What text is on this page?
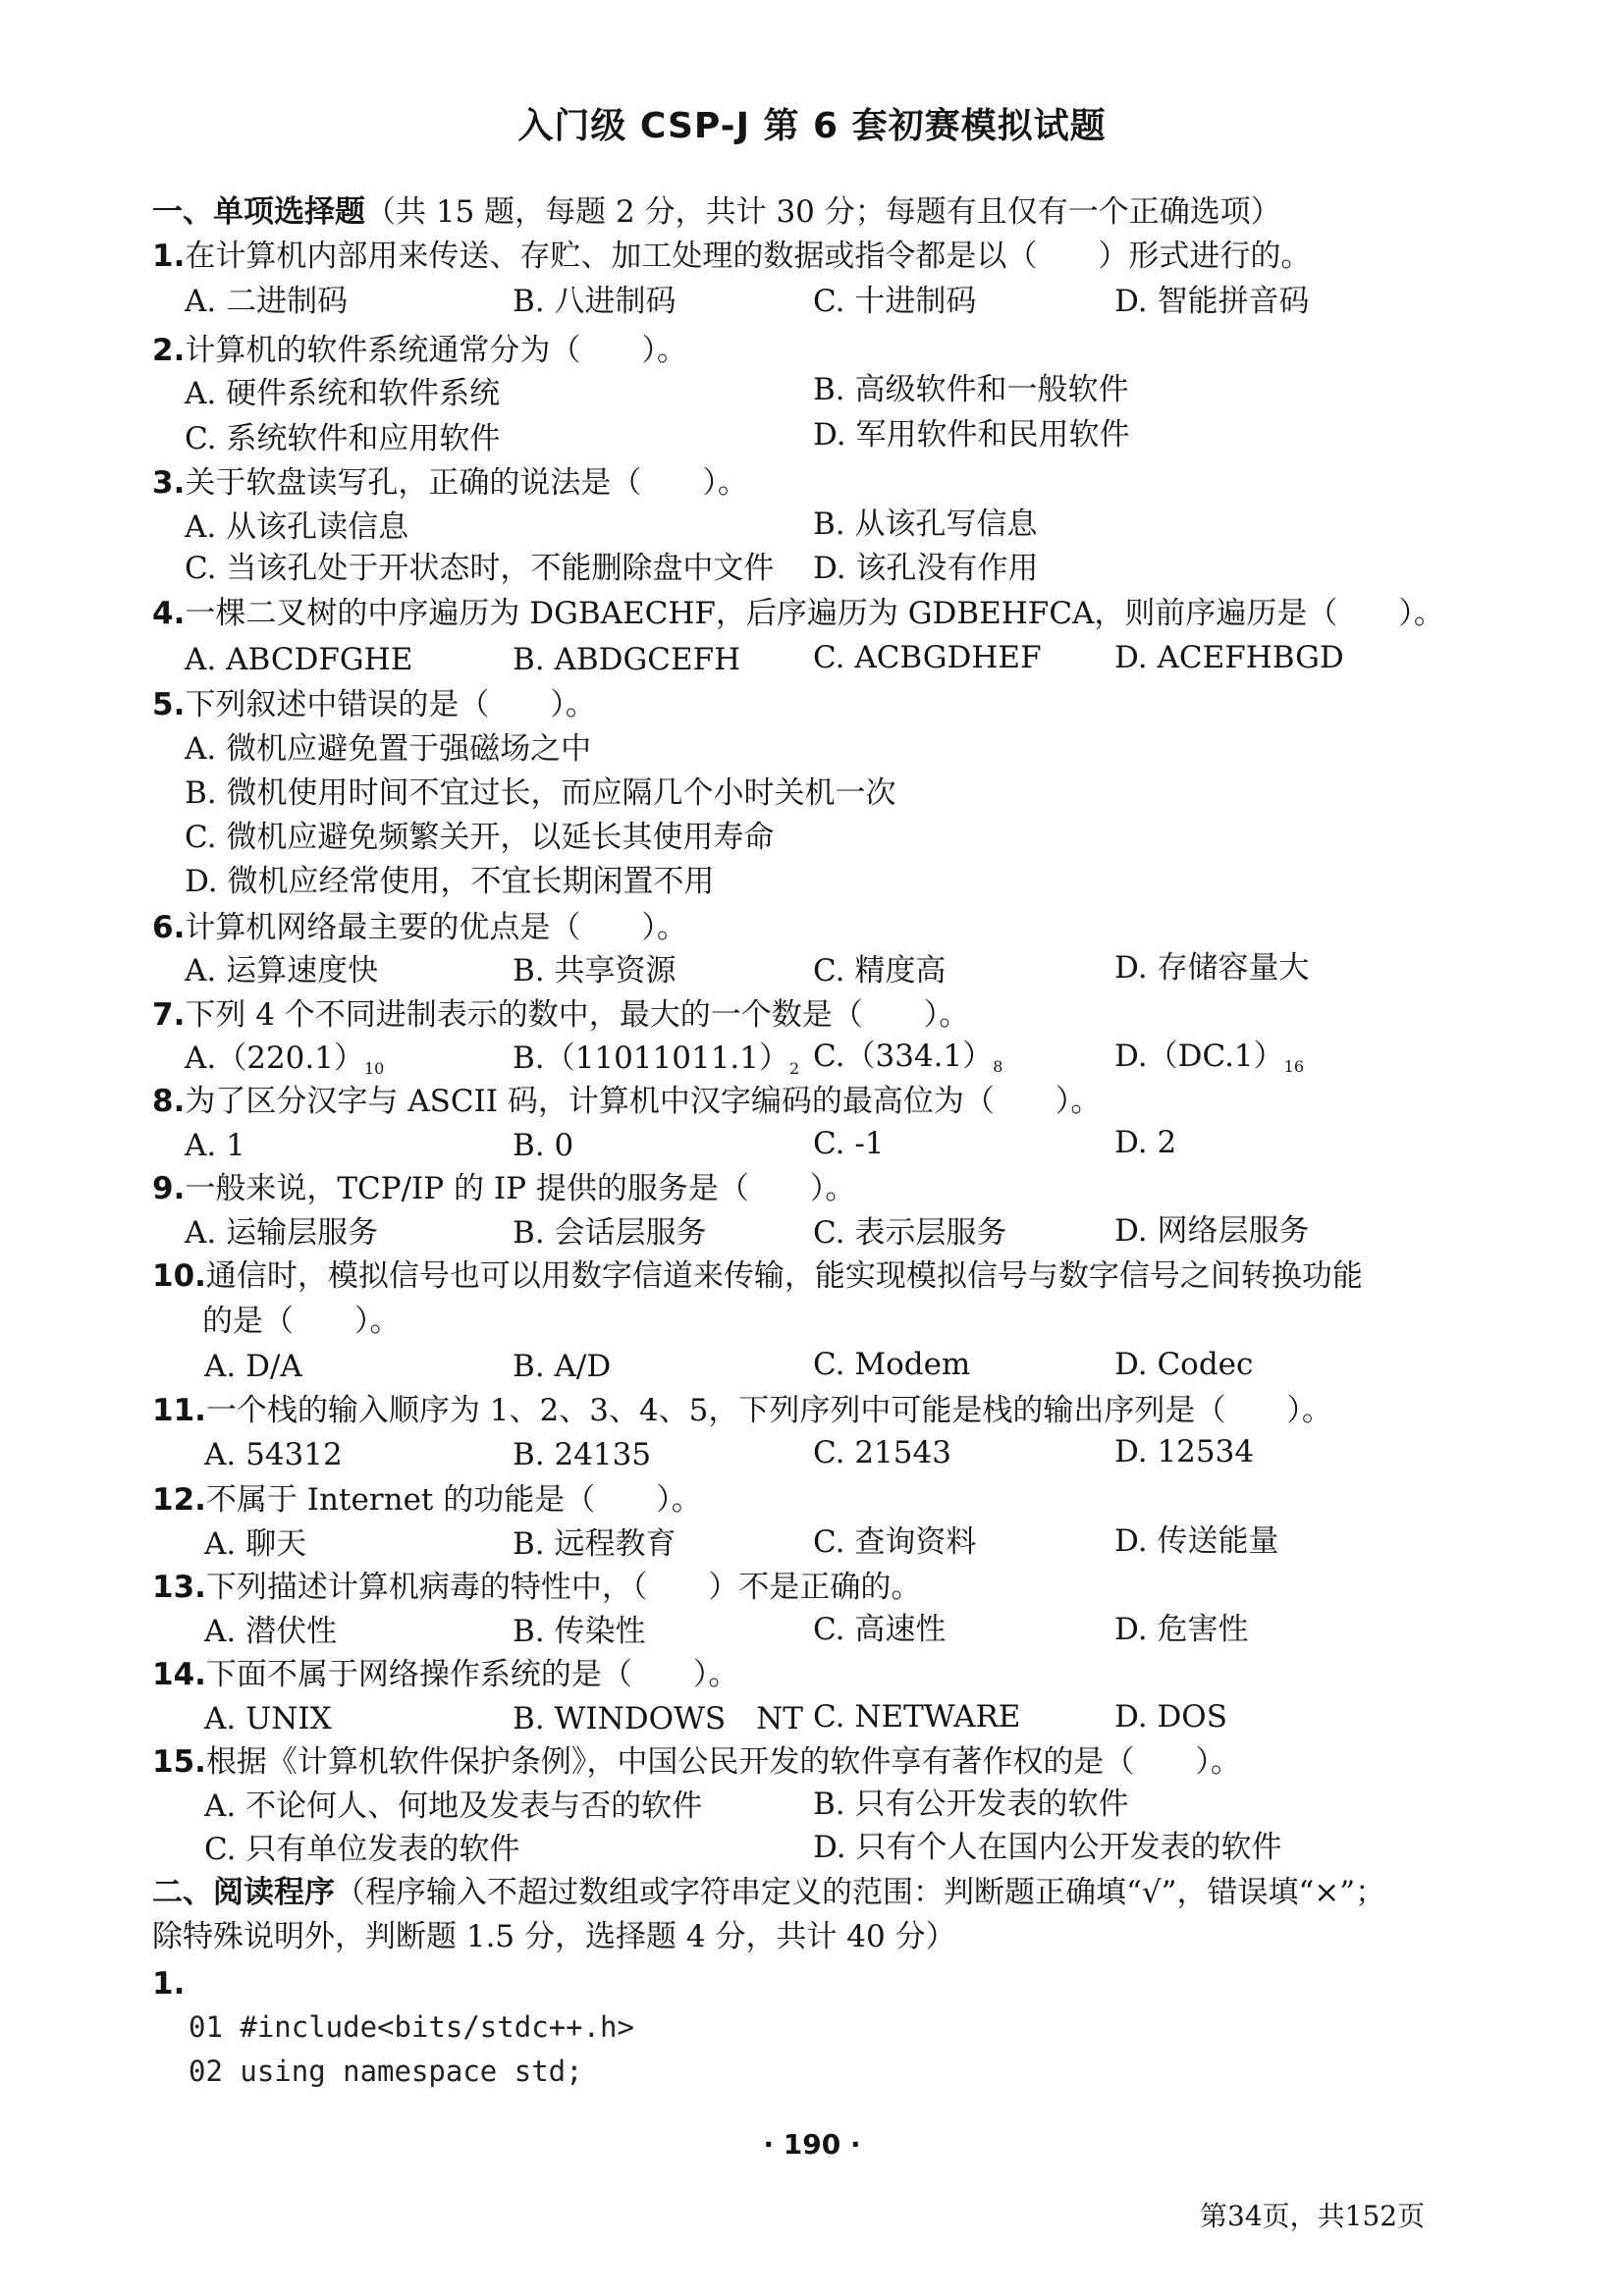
入门级 CSP-J 第 6 套初赛模拟试题
一、单项选择题（共 15 题，每题 2 分，共计 30 分；每题有且仅有一个正确选项）
1.在计算机内部用来传送、存贮、加工处理的数据或指令都是以（　　）形式进行的。
A. 二进制码	B. 八进制码	C. 十进制码	D. 智能拼音码
2.计算机的软件系统通常分为（　　）。
A. 硬件系统和软件系统	B. 高级软件和一般软件
C. 系统软件和应用软件	D. 军用软件和民用软件
3.关于软盘读写孔，正确的说法是（　　）。
A. 从该孔读信息	B. 从该孔写信息
C. 当该孔处于开状态时，不能删除盘中文件 D. 该孔没有作用
4.一棵二叉树的中序遍历为 DGBAECHF，后序遍历为 GDBEHFCA，则前序遍历是（　　）。
A. ABCDFGHE	B. ABDGCEFH C. ACBGDHEF D. ACEFHBGD
5.下列叙述中错误的是（　　）。
A. 微机应避免置于强磁场之中
B. 微机使用时间不宜过长，而应隔几个小时关机一次
C. 微机应避免频繁关开，以延长其使用寿命
D. 微机应经常使用，不宜长期闲置不用
6.计算机网络最主要的优点是（　　）。
A. 运算速度快	B. 共享资源	C. 精度高	D. 存储容量大
7.下列 4 个不同进制表示的数中，最大的一个数是（　　）。
$A.(220.1)_{10}$	$B.(11011011.1)_2$ $C.(334.1)_8$	$D.(DC.1)_{16}$
8.为了区分汉字与 ASCII 码，计算机中汉字编码的最高位为（　　）。
A. 1	B. 0	C. -1	D. 2
9.一般来说，TCP/IP 的 IP 提供的服务是（　　）。
A. 运输层服务	B. 会话层服务	C. 表示层服务	D. 网络层服务
10.通信时，模拟信号也可以用数字信道来传输，能实现模拟信号与数字信号之间转换功能
的是（　　）。
A. D/A	B. A/D	C. Modem	D. Codec
11.一个栈的输入顺序为 1、2、3、4、5，下列序列中可能是栈的输出序列是（　　）。
A. 54312	B. 24135	C. 21543	D. 12534
12.不属于 Internet 的功能是（　　）。
A. 聊天	B. 远程教育	C. 查询资料	D. 传送能量
13.下列描述计算机病毒的特性中，（　　）不是正确的。
A. 潜伏性	B. 传染性	C. 高速性	D. 危害性
14.下面不属于网络操作系统的是（　　）。
A. UNIX	B. WINDOWS　NT C. NETWARE	D. DOS
15.根据《计算机软件保护条例》，中国公民开发的软件享有著作权的是（　　）。
A. 不论何人、何地及发表与否的软件	B. 只有公开发表的软件
C. 只有单位发表的软件	D. 只有个人在国内公开发表的软件
二、阅读程序（程序输入不超过数组或字符串定义的范围：判断题正确填“√”，错误填“×”；
除特殊说明外，判断题 1.5 分，选择题 4 分，共计 40 分）
1.
01 #include<bits/stdc++.h>
02 using namespace std;
· 190 ·
第34页，共152页
